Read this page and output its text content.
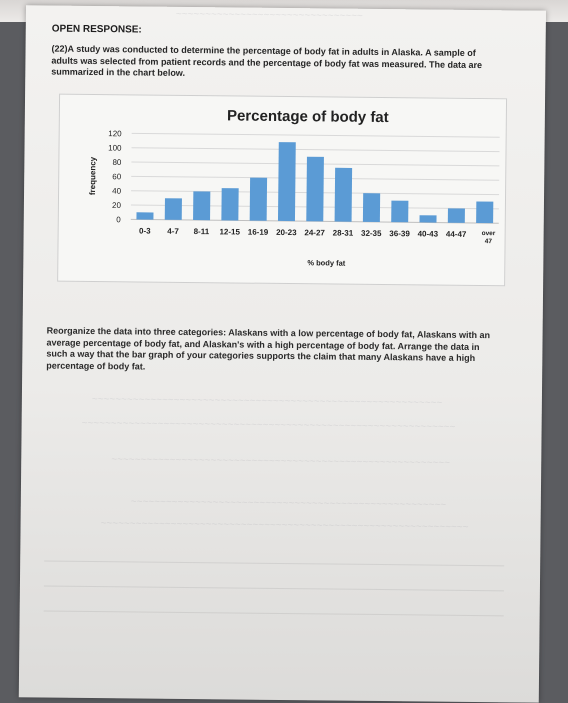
~~~~~~~~~~~~~~~~~~~~~~~~~~~~~~~~
~~~~~~~~~~~~~~~~~~~~~~~~~~~~~~~~~~~~~~~~~~~~~~~~~~~~~~~~~~~~
~~~~~~~~~~~~~~~~~~~~~~~~~~~~~~~~~~~~~~~~~~~~~~~~~~~~~~~~~~~~~~~~
~~~~~~~~~~~~~~~~~~~~~~~~~~~~~~~~~~~~~~~~~~~~~~~~~~~~~~~~~~
~~~~~~~~~~~~~~~~~~~~~~~~~~~~~~~~~~~~~~~~~~~~~~~~~~~~~~
~~~~~~~~~~~~~~~~~~~~~~~~~~~~~~~~~~~~~~~~~~~~~~~~~~~~~~~~~~~~~~~
OPEN RESPONSE:
(22)A study was conducted to determine the percentage of body fat in adults in Alaska. A sample of adults was selected from patient records and the percentage of body fat was measured. The data are summarized in the chart below.
Percentage of body fat
0
20
40
60
80
100
120
frequency
0-3 4-7 8-11 12-15 16-19 20-23 24-27 28-31 32-35 36-39 40-43 44-47 over47
% body fat
Reorganize the data into three categories: Alaskans with a low percentage of body fat, Alaskans with an average percentage of body fat, and Alaskan's with a high percentage of body fat. Arrange the data in such a way that the bar graph of your categories supports the claim that many Alaskans have a high percentage of body fat.
